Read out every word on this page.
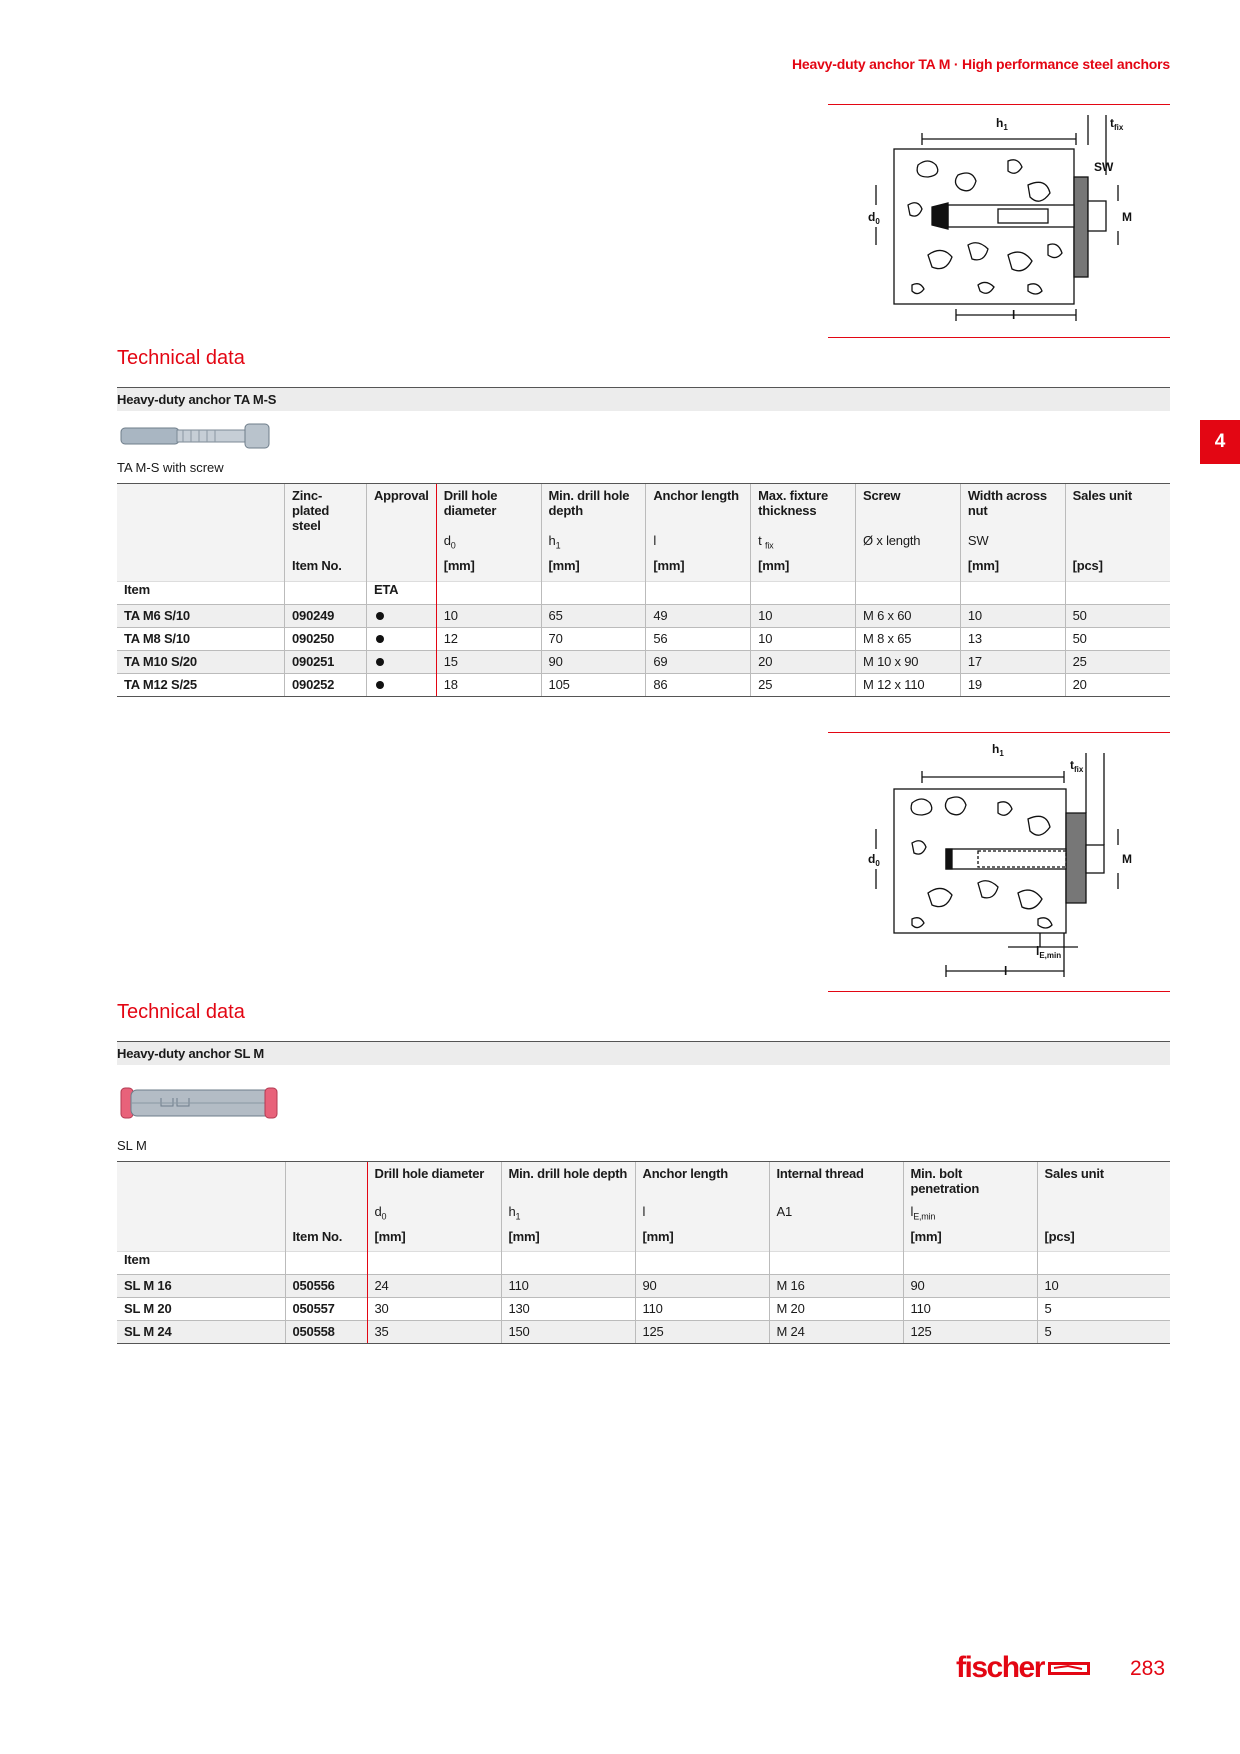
Heavy-duty anchor TA M · High performance steel anchors
4
$h_1$	$t_{fix}$
SW
$d_0$	M
l
Technical data
Heavy-duty anchor TA M-S
TA M-S with screw
	Zinc-plated steel	Approval	Drill hole diameter	Min. drill hole depth	Anchor length	Max. fixture thickness	Screw	Width across nut	Sales unit
			$d_0$	$h_1$	l	t $_{fix}$	Ø x length	SW	
	Item No.		[mm]	[mm]	[mm]	[mm]		[mm]	[pcs]
Item		ETA							
TA M6 S/10	090249		10	65	49	10	M 6 x 60	10	50
TA M8 S/10	090250		12	70	56	10	M 8 x 65	13	50
TA M10 S/20	090251		15	90	69	20	M 10 x 90	17	25
TA M12 S/25	090252		18	105	86	25	M 12 x 110	19	20
$h_1$
$t_{fix}$
$d_0$	M
$l_{E,min}$
l
Technical data
Heavy-duty anchor SL M
SL M
		Drill hole diameter	Min. drill hole depth	Anchor length	Internal thread	Min. bolt penetration	Sales unit
		$d_0$	$h_1$	l	A1	$l_{E,min}$	
	Item No.	[mm]	[mm]	[mm]		[mm]	[pcs]
Item							
SL M 16	050556	24	110	90	M 16	90	10
SL M 20	050557	30	130	110	M 20	110	5
SL M 24	050558	35	150	125	M 24	125	5
fischer	283
